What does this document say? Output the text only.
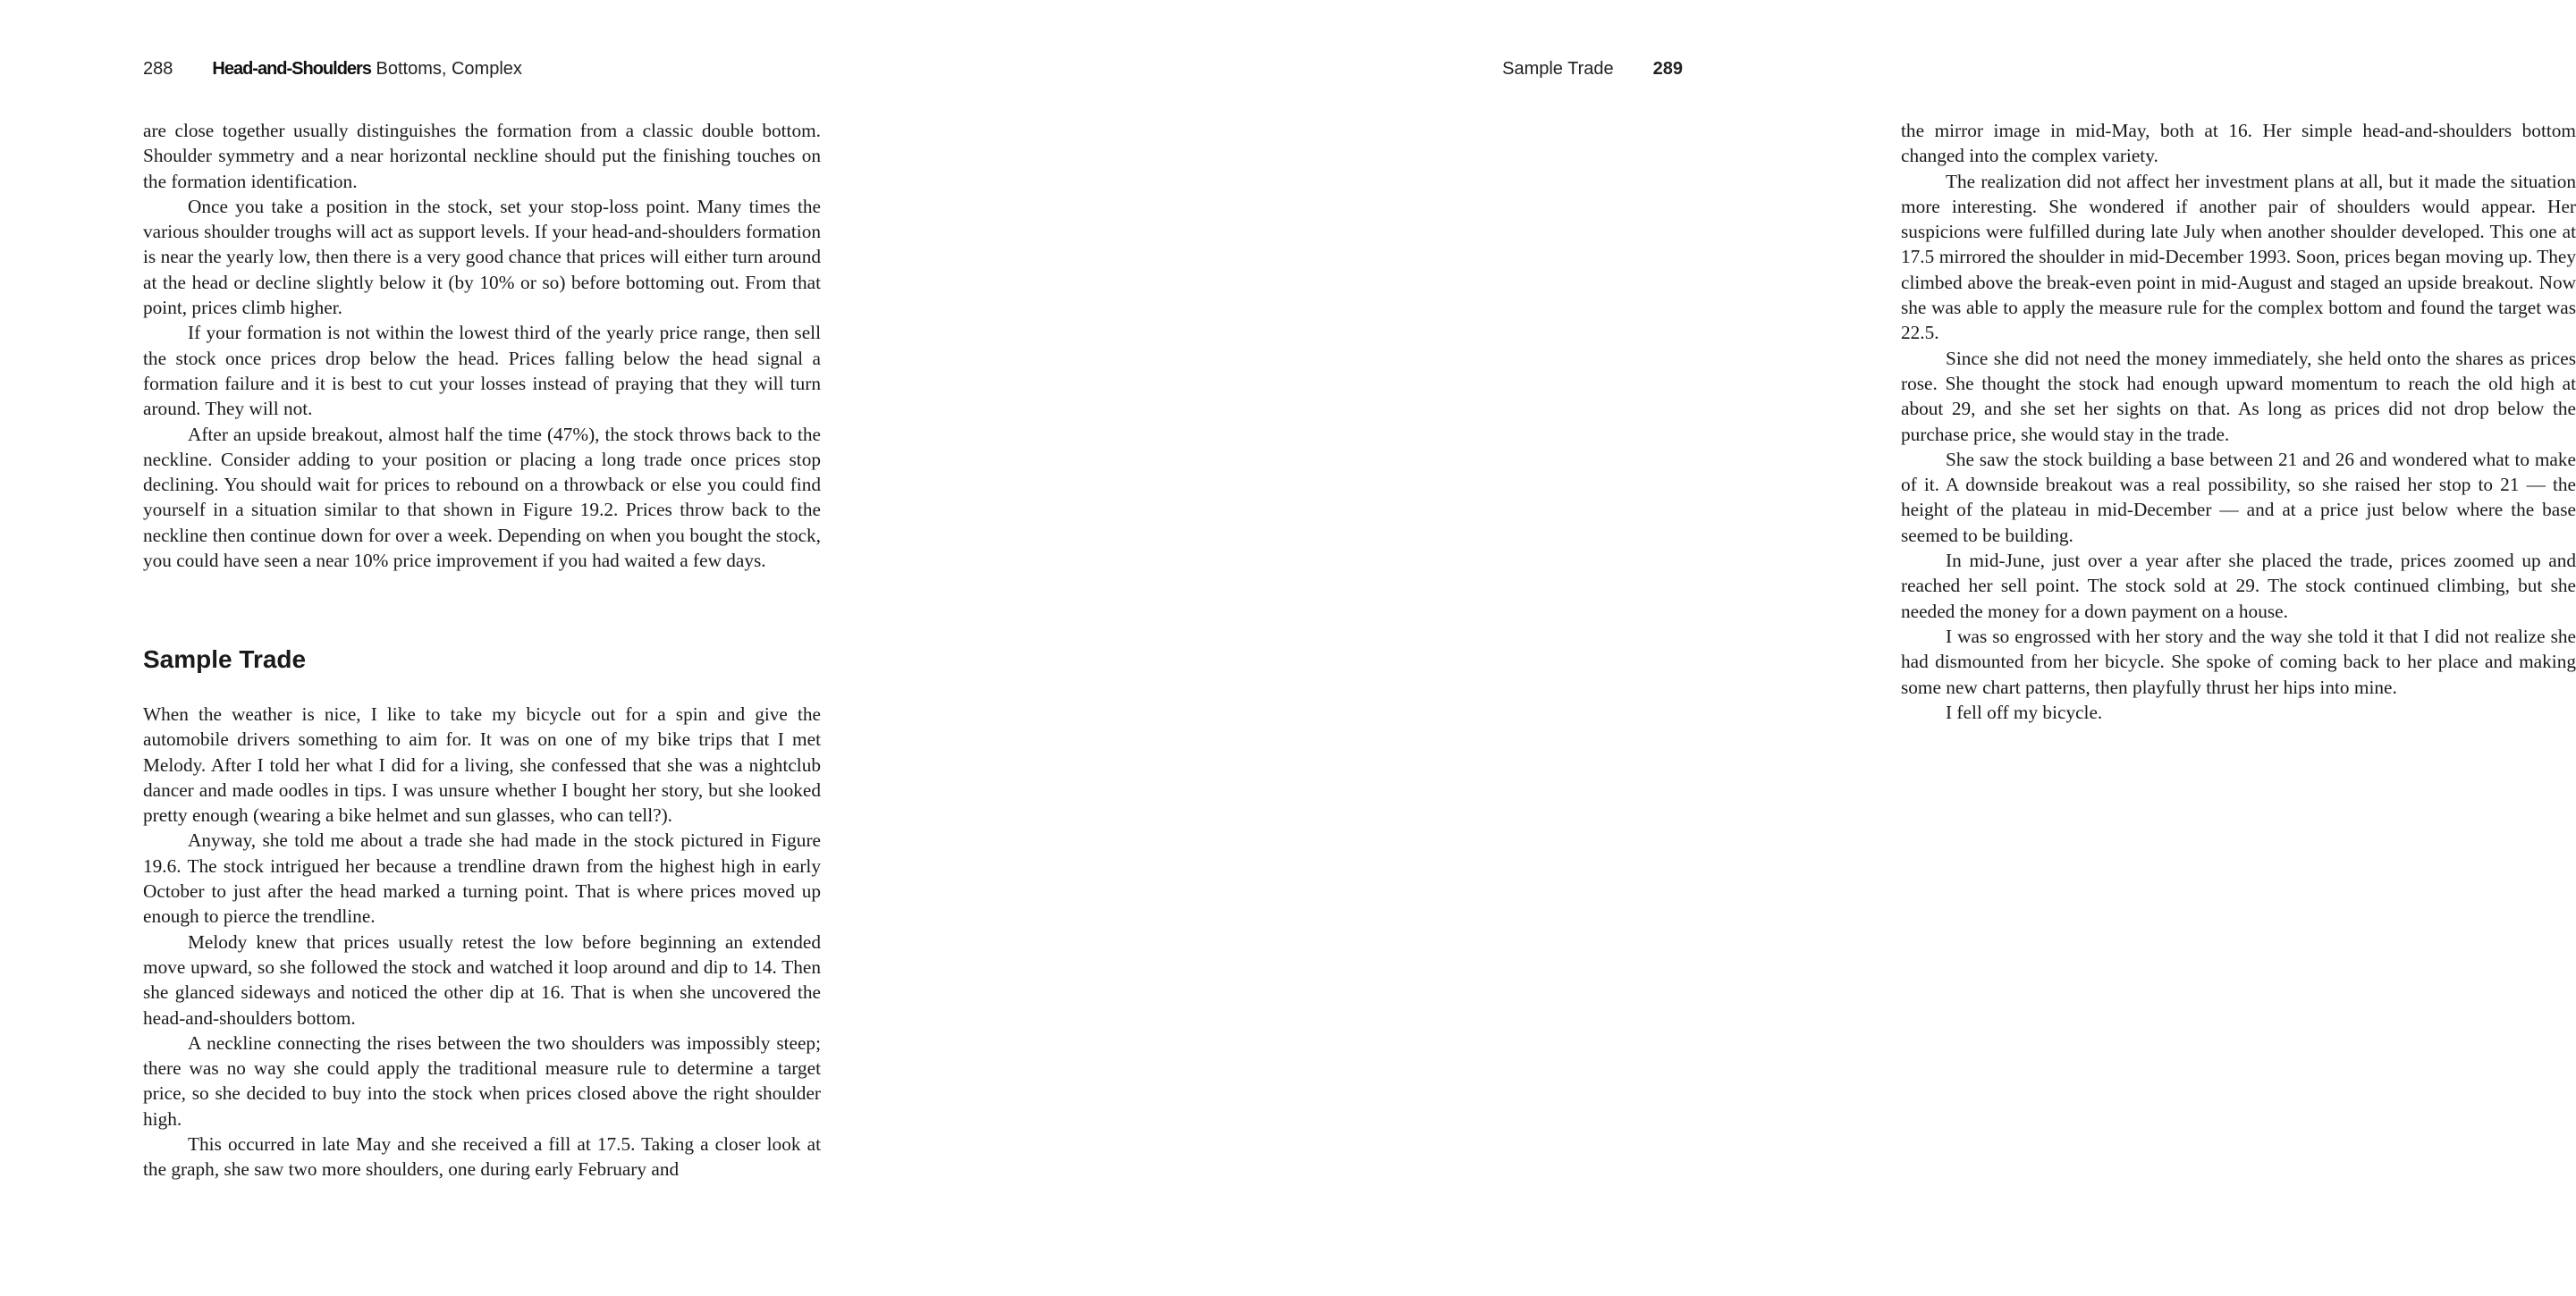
288 Head-and-Shoulders Bottoms, Complex

are close together usually distinguishes the formation from a classic double bottom. Shoulder symmetry and a near horizontal neckline should put the finishing touches on the formation identification.

Once you take a position in the stock, set your stop-loss point. Many times the various shoulder troughs will act as support levels. If your head-and-shoulders formation is near the yearly low, then there is a very good chance that prices will either turn around at the head or decline slightly below it (by 10% or so) before bottoming out. From that point, prices climb higher.

If your formation is not within the lowest third of the yearly price range, then sell the stock once prices drop below the head. Prices falling below the head signal a formation failure and it is best to cut your losses instead of praying that they will turn around. They will not.

After an upside breakout, almost half the time (47%), the stock throws back to the neckline. Consider adding to your position or placing a long trade once prices stop declining. You should wait for prices to rebound on a throwback or else you could find yourself in a situation similar to that shown in Figure 19.2. Prices throw back to the neckline then continue down for over a week. Depending on when you bought the stock, you could have seen a near 10% price improvement if you had waited a few days.

Sample Trade

When the weather is nice, I like to take my bicycle out for a spin and give the automobile drivers something to aim for. It was on one of my bike trips that I met Melody. After I told her what I did for a living, she confessed that she was a nightclub dancer and made oodles in tips. I was unsure whether I bought her story, but she looked pretty enough (wearing a bike helmet and sun glasses, who can tell?).

Anyway, she told me about a trade she had made in the stock pictured in Figure 19.6. The stock intrigued her because a trendline drawn from the highest high in early October to just after the head marked a turning point. That is where prices moved up enough to pierce the trendline.

Melody knew that prices usually retest the low before beginning an extended move upward, so she followed the stock and watched it loop around and dip to 14. Then she glanced sideways and noticed the other dip at 16. That is when she uncovered the head-and-shoulders bottom.

A neckline connecting the rises between the two shoulders was impossibly steep; there was no way she could apply the traditional measure rule to determine a target price, so she decided to buy into the stock when prices closed above the right shoulder high.

This occurred in late May and she received a fill at 17.5. Taking a closer look at the graph, she saw two more shoulders, one during early February and

Sample Trade 289

the mirror image in mid-May, both at 16. Her simple head-and-shoulders bottom changed into the complex variety.

The realization did not affect her investment plans at all, but it made the situation more interesting. She wondered if another pair of shoulders would appear. Her suspicions were fulfilled during late July when another shoulder developed. This one at 17.5 mirrored the shoulder in mid-December 1993. Soon, prices began moving up. They climbed above the break-even point in mid-August and staged an upside breakout. Now she was able to apply the measure rule for the complex bottom and found the target was 22.5.

Since she did not need the money immediately, she held onto the shares as prices rose. She thought the stock had enough upward momentum to reach the old high at about 29, and she set her sights on that. As long as prices did not drop below the purchase price, she would stay in the trade.

She saw the stock building a base between 21 and 26 and wondered what to make of it. A downside breakout was a real possibility, so she raised her stop to 21 — the height of the plateau in mid-December — and at a price just below where the base seemed to be building.

In mid-June, just over a year after she placed the trade, prices zoomed up and reached her sell point. The stock sold at 29. The stock continued climbing, but she needed the money for a down payment on a house.

I was so engrossed with her story and the way she told it that I did not realize she had dismounted from her bicycle. She spoke of coming back to her place and making some new chart patterns, then playfully thrust her hips into mine.

I fell off my bicycle.
